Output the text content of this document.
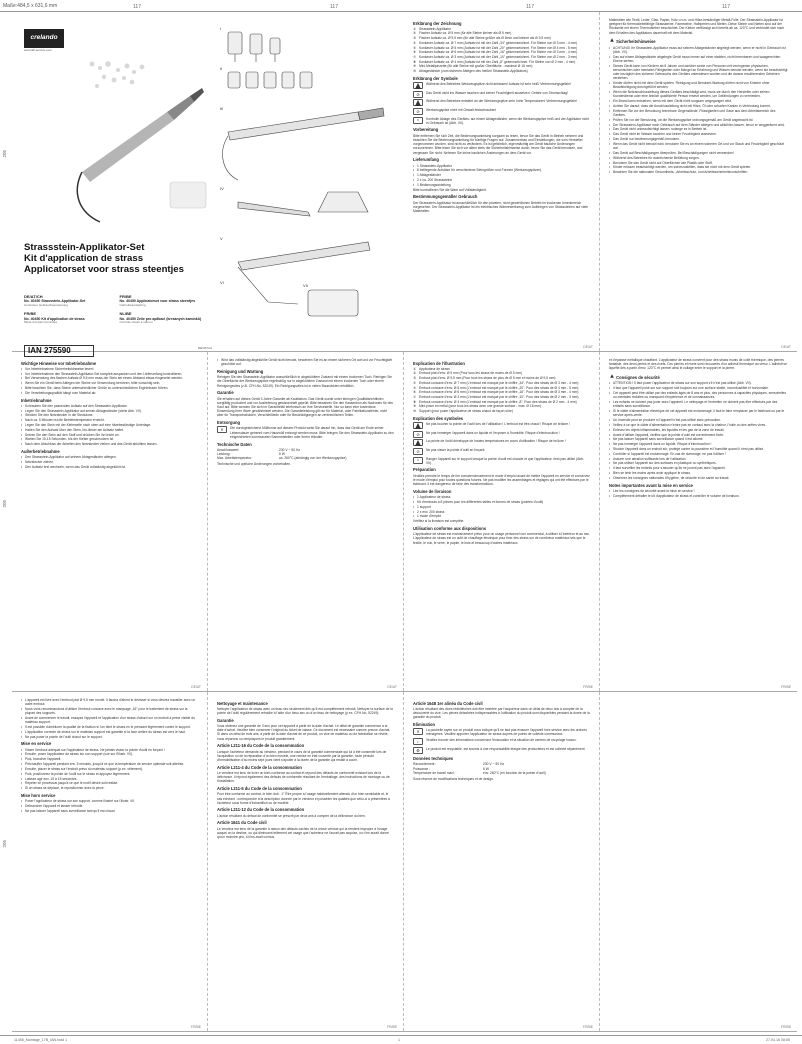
Maße:484,5 x 631,6 mm	117	117	117	117
205
205
205
crelando
www.lidl-service.com
Strassstein-Applikator-Set
Kit d'application de strass
Applicatorset voor strass steentjes
DE/AT/CH
No. 40450 Strassstein-Applikator-Set
Controleer Gebrauchsanweisung
FR/BE
No. 40450 Applicatorset voor strass steentjes
Gebruiksaanwijzing
FR/BE
No. 40450 Kit d'application de strass
Mode d'emploi Controlée
NL/BE
No. 40450 Zeile pro aplikaci (kresaných kamínků)
Controle obsah a nahoru
IAN 275590	DE/AT/CH
I
II
III
IV
V
VI
VII
Erklärung der Zeichnung
① Strassstein-Applikator
② Flacher Aufsatz ca. Ø 5 mm (für alle Steine kleiner als Ø 5 mm)
③ Flacher Aufsatz ca. Ø 9,5 mm (für alle Steine größer als Ø 5mm und kleiner als Ø 9,5 mm)
④ Konkaver Aufsatz ca. Ø 7 mm (Aufsatz ist mit der Zahl „34" gekennzeichnet. Für Steine von Ø 3 mm - 4 mm)
⑤ Konkaver Aufsatz ca. Ø 5 mm (Aufsatz ist mit der Zahl „20" gekennzeichnet. Für Steine von Ø 4 mm - 5 mm)
⑥ Konkaver Aufsatz ca. Ø 6 mm (Aufsatz ist mit der Zahl „16" gekennzeichnet. Für Steine von Ø 3 mm - 4 mm)
⑦ Konkaver Aufsatz ca. Ø 3 mm (Aufsatz ist mit der Zahl „10" gekennzeichnet. Für Steine von Ø 2 mm - 3 mm)
⑧ Konkaver Aufsatz ca. Ø 4 mm (Aufsatz ist mit der Zahl „8" gekennzeichnet. Für Steine von Ø 2 mm - 4 mm)
⑨ Mini-Metallpinzette (für alle Steine mit großer Oberfläche - maximal Ø 16 mm)
⑩ Ablageständer (zum sicheren Ablegen des heißen Strassstein-Applikators)
Erklärung der Symbole
Während des Betriebes Werkzeugspitze nicht anfassen! Aufsatz ist sehr heiß! Verbrennungsgefahr!
⊘	Das Gerät nicht ins Wasser tauchen und keiner Feuchtigkeit aussetzen. Gefahr von Stromschlag!
Während des Betriebes entsteht an der Werkzeugspitze sehr hohe Temperaturen! Verbrennungsgefahr!
⊘	Werkzeugspitze nicht mit Gewalt festschrauben!
⌂	Kontrolle Ablage des Gerätes: auf einem Ablageständer, wenn die Werkzeugspitze heiß und der Applikator nicht in Gebrauch ist (Abb. VII).
Vorbereitung

Bitte entfernen Sie sich Zeit, die Bedienungsanleitung sorgsam zu lesen, bevor Sie das Gerät in Betrieb nehmen und beachten Sie die Bedienungsanleitung für künftige Fragen auf. Zusammenbau und Einstellungen, die vom Hersteller vorgenommen wurden, sind nicht zu verändern. Es ist gefährlich, eigenmächtig am Gerät bauliche Änderungen vorzunehmen. Bitte lesen Sie sich vor allem stets die Sicherheitshinweise durch, bevor Sie das Gerät benutzen, und vergessen Sie nicht: Nehmen Sie keine baulichen Änderungen an dem Gerät vor.

Lieferumfang
• 1 Strassstein-Applikator
• 8 beiliegende Aufsätze für verschiedene Steingrößen und Formen (Werkzeugspitzen)
• 1 Ablageständer
• 2 x ca. 200 Strasssteine
• 1 Bedienungsanleitung

Bitte kontrollieren Sie die Ware auf Vollständigkeit.

Bestimmungsgemäßer Gebrauch

Der Strassstein-Applikator ist ausschließlich für den privaten, nicht gewerblichen Betrieb im trockenen Innenbereich vorgesehen. Der Strassstein-Applikator ist ein elektrisches Wärmewerkzeug zum Aufbringen von Strasssteinen auf viele Materialien.

DE/AT

Materialien wie Textil, Leder, Glas, Papier, Holz u.v.m. und Hitze-beständiger Metall-Folie. Der Strassstein-Applikator ist geeignet für thermoklebefähige Strasssteine, Farmsteine, Halbperlen und Nieten. Diese Steine und Nieten sind auf der Rückseite mit einem Thermokleber beschichtet. Der Kleber verflüssigt sich bereits ab ca. 120°C und verbindet sich nach dem Erhalten des Applikators dauerhaft mit dem Material.

Sicherheitshinweise
• ACHTUNG! Ihr Strassstein-Applikator muss auf seinem Ablageständer abgelegt werden, wenn er nicht in Gebrauch ist (Abb. VII).
• Das auf einem Ablageständer abgelegte Gerät muss immer auf einer stabilen, nicht brennbaren und waagerechten Ebene stehen.
• Dieses Gerät kann von Kindern ab 8 Jahren und darüber sowie von Personen mit verringerten physischen, sensorischen oder mentalen Fähigkeiten oder Mangel an Erfahrung und Wissen benutzt werden, wenn sie beaufsichtigt oder bezüglich des sicheren Gebrauchs des Gerätes unterwiesen wurden und die daraus resultierenden Gefahren verstehen.
• Kinder dürfen nicht mit dem Gerät spielen. Reinigung und Benutzer-Wartung dürfen nicht von Kindern ohne Beaufsichtigung durchgeführt werden.
• Wenn die Netzanschlussleitung dieses Gerätes beschädigt wird, muss sie durch den Hersteller oder seinen Kundendienst oder eine ähnlich qualifizierte Person ersetzt werden, um Gefährdungen zu vermeiden.
• Ein Brand kann entstehen, wenn mit dem Gerät nicht sorgsam umgegangen wird.
• Achten Sie darauf, dass die Anschlussleitung nicht mit Hitze, Öl oder scharfen Kanten in Verbindung kommt.
• Entfernen Sie vor der Benutzung brennbare Gegenstände, Flüssigkeiten und Gase aus dem Arbeitsbereich des Gerätes.
• Prüfen Sie vor der Benutzung, ob die Werkzeugspitze ordnungsgemäß am Gerät angebracht ist.
• Der Strassstein-Applikator nach Gebrauch auf dem Ständer ablegen und abkühlen lassen, bevor er weggeräumt wird.
• Das Gerät nicht unbeaufsichtigt lassen, solange es in Betrieb ist.
• Das Gerät nicht im Wasser tauchen und keiner Feuchtigkeit aussetzen.
• Das Gerät nur bestimmungsgemäß benutzen.
• Wenn das Gerät nicht benutzt wird, benutzen Sie es an einem sicheren Ort und vor Staub und Feuchtigkeit geschützt auf.
• Das Gerät auf Beschädigungen überprüfen. Bei Beschädigungen nicht verwenden!
• Während des Betriebes für ausreichende Belüftung sorgen.
• Benutzen Sie das Gerät nicht auf Oberflächen wie Plastik oder Stoff.
• Kinder müssen beaufsichtigt werden, um sicherzustellen, dass sie nicht mit dem Gerät spielen.
• Beachten Sie die nationalen Gesundheits-, Arbeitsschutz- und Arbeitssicherheitsvorschriften.
DE/AT
Wichtige Hinweise vor Inbetriebnahme
• Vor Inbetriebnahme Sicherheitshinweise lesen!
• Vor Inbetriebnahme den Strassstein-Applikator-Set komplett auspacken und den Lieferumfang kontrollieren.
• Bei Verwendung des flachen Aufsatz Ø 9,5 mm muss der Stein bei einem Abstand etwas eingesetzt werden.
• Wenn Sie ein Gerät beim Ablegen der Steine vor Verwendung berühren, bitte vorsichtig sein.
• Bitte beachten Sie, dass Steine unterschiedlicher Größe zu unterschiedlichen Ergebnissen führen.
• Die Verarbeitungsqualität hängt vom Material ab.
Inbetriebnahme
• Schrauben Sie den passenden Aufsatz auf den Strassstein-Applikator.
• Legen Sie den Strassstein-Applikator auf seinen Ablageständer (siehe Abb. VII).
• Stecken Sie den Netzstecker in die Steckdose.
• Nach ca. 5 Minuten ist die Betriebstemperatur erreicht.
• Legen Sie den Stein mit der Klebeseite nach oben auf eine hitzebeständige Unterlage.
• Halten Sie den Aufsatz über den Stein, bis dieser am Aufsatz haftet.
• Setzen Sie den Stein auf den Stoff und drücken Sie ihn leicht an.
• Warten Sie 10-15 Sekunden, bis der Kleber geschmolzen ist.
• Nach dem Abschluss der Arbeiten den Netzstecker ziehen und das Gerät abkühlen lassen.
Außerbetriebnahme
• Den Strassstein-Applikator auf seinem Ablageständer ablegen.
• Netzstecker ziehen.
• Den Aufsatz erst wechseln, wenn das Gerät vollständig abgekühlt ist.
DE/AT
• Wird das vollständig abgekühlte Gerät nicht benutzt, bewahren Sie es an einem sicheren Ort auf und vor Feuchtigkeit geschützt auf.
Reinigung und Wartung

Reinigen Sie den Strassstein-Applikator ausschließlich in abgekühltem Zustand mit einem trockenen Tuch. Reinigen Sie die Oberfläche der Werkzeugspitze regelmäßig nur in abgekühltem Zustand mit einem trockenen Tuch oder einem Reinigungsvlies (z.B. CFH-No. 52249). Ein Reinigungsvlies ist in vielen Baumärkten erhältlich.

Garantie

Sie erhalten auf dieses Gerät 3 Jahre Garantie ab Kaufdatum. Das Gerät wurde unter strengen Qualitätsrichtlinien sorgfältig produziert und vor Auslieferung gewissenhaft geprüft. Bitte bewahren Sie den Kassenbon als Nachweis für den Kauf auf. Bitte wenden Sie sich im Garantiefall telefonisch an Ihre Servicestelle. Nur so kann eine kostenlose Einsendung Ihrer Ware gewährleistet werden. Die Garantieleistung gilt nur für Material- oder Fabrikationsfehler, nicht aber für Transportschäden, Verschleißteile oder für Beschädigungen an zerbrechlichen Teilen.

Entsorgung
✕	Die durchgestrichene Mülltonne auf diesem Produkt weist Sie darauf hin, dass das Gerät am Ende seiner Lebensdauer getrennt vom Hausmüll entsorgt werden muss. Bitte bringen Sie den Strassstein-Applikator zu den eingerichteten kommunalen Sammelstellen oder Ihrem Händler.
Technische Daten
Anschlusswert:	230 V ~ 50 Hz
Leistung:	6 W
Max. Arbeitstemperatur:	ca. 260°C (abhängig von der Werkzeugspitze)

Technische und optische Änderungen vorbehalten.

DE/AT
Explication de l'illustration
① Applicateur de strass
② Embout plat d'env. Ø 5 mm (Pour tous les strass de moins de Ø 5 mm)
③ Embout plat d'env. Ø 9,5 mm (Pour tous les strass de plus de Ø 5 mm et moins de Ø 9,5 mm)
④ Embout concave d'env. Ø 7 mm (L'embout est marqué par le chiffre „34". Pour des strass de Ø 3 mm - 4 mm)
⑤ Embout concave d'env. Ø 5 mm (L'embout est marqué par le chiffre „20". Pour des strass de Ø 4 mm - 5 mm)
⑥ Embout concave d'env. Ø 6 mm (L'embout est marqué par le chiffre „16". Pour des strass de Ø 3 mm - 4 mm)
⑦ Embout concave d'env. Ø 3 mm (L'embout est marqué par le chiffre „10". Pour des strass de Ø 2 mm - 3 mm)
⑧ Embout concave d'env. Ø 4 mm (L'embout est marqué par le chiffre „8". Pour des strass de Ø 2 mm - 4 mm)
⑨ Mini-pince en métal (pour tous les strass avec une grande surface - max. Ø 16 mm)
⑩ Support (pour poser l'applicateur de strass chaud de façon sûre)
Explication des symboles
Ne pas toucher la pointe de l'outil lors de l'utilisation ! L'embout est très chaud ! Risque de brûlure !
⊘	Ne pas immerger l'appareil dans un liquide et l'exposer à l'humidité. Risque d'électrocution !
La pointe de l'outil développe de hautes températures en cours d'utilisation ! Risque de brûlure !
⊘	Ne pas visser la pointe d'outil en forçant.
⌂	Ranger l'appareil sur le support lorsque la pointe d'outil est chaude et que l'applicateur n'est pas utilisé (Abb. VII).
Préparation

Veuillez prendre le temps de lire consciencieusement le mode d'emploi avant de mettre l'appareil en service et conservez le mode d'emploi pour toutes questions futures. Ne pas modifier les assemblages et réglages qui ont été effectués par le fabricant. Il est dangereux de faire des transformations.

Volume de livraison
• 1 Applicateur de strass
• Kit d'embouts à 8 pièces pour les différentes tailles et formes de strass (pointes d'outil)
• 1 support
• 2 x env. 200 strass
• 1 mode d'emploi

Vérifiez si la livraison est complète.

Utilisation conforme aux dispositions

L'applicateur de strass est exclusivement prévu pour un usage personnel non commercial, à utiliser à l'intérieur et au sec. L'applicateur de strass est un outil de chauffage électrique pour fixer des strass sur de nombreux matériaux tels que le textile, le cuir, le verre, le papier, le bois et beaucoup d'autres matériaux.

FR/BE

et d'épaisse métallique chauffant. L'applicateur de strass convient pour des strass munis de colle thermique, des pierres fantaisie, des demi-perles et des rivets. Ces pierres et rivets sont recouverts d'un adhésif thermique au verso. L'adhésif se liquéfie dès à partir d'env. 120°C et permet ainsi le collage entre le support et la pierre.

Consignes de sécurité
• ATTENTION ! Il faut poser l'applicateur de strass sur son support s'il n'est pas utilisé (Abb. VII).
• Il faut que l'appareil posé sur son support soit toujours sur une surface stable, incombustible et horizontale.
• Cet appareil peut être utilisé par des enfants âgés de 8 ans et plus, des personnes à capacités physiques, sensorielles ou mentales réduites ou manquant d'expérience et de connaissances.
• Les enfants ne doivent pas jouer avec l'appareil. Le nettoyage et l'entretien ne doivent pas être effectués par des enfants sans surveillance.
• Si le câble d'alimentation électrique de cet appareil est endommagé, il faut le faire remplacer par le fabricant ou par le service après-vente.
• Un incendie peut se produire si l'appareil n'est pas utilisé avec précaution.
• Veillez à ce que le câble d'alimentation n'entre pas en contact avec la chaleur, l'huile ou des arêtes vives.
• Enlevez les objets inflammables, les liquides et les gaz de la zone de travail.
• Avant d'utiliser l'appareil, vérifiez que la pointe d'outil est correctement fixée.
• Ne pas laisser l'appareil sans surveillance quand il est allumé.
• Ne pas immerger l'appareil dans un liquide. Risque d'électrocution !
• Stocker l'appareil dans un endroit sûr, protégé contre la poussière et l'humidité quand il n'est pas utilisé.
• Contrôler si l'appareil est endommagé. En cas de dommage, ne pas l'utiliser !
• Assurer une aération suffisante lors de l'utilisation.
• Ne pas utiliser l'appareil sur des surfaces en plastique ou synthétiques.
• Il faut surveiller les enfants pour s'assurer qu'ils ne jouent pas avec l'appareil.
• Bien se tenir les mains après avoir appliqué le strass.
• Observez les consignes nationales d'hygiène, de sécurité et de santé au travail.
Notes importantes avant la mise en service
• Lire les consignes de sécurité avant la mise en service !
• Complètement déballer le kit d'applicateur de strass et contrôler le volume de livraison.
FR/BE
• L'appareil est livré avec l'embout plat Ø 9,5 mm monté. Il faudra d'abord le dévisser si vous désirez travailler avec un autre embout.
• Nous vous recommandons d'utiliser l'embout concave avec le marquage „16" pour le traitement de strass sur la plupart des supports.
• Avant de commencer le travail, essayez l'appareil et l'application d'un strass d'abord sur un endroit à peine visible du matériau support.
• Il est possible d'améliorer la qualité de la fixation si l'on tient le strass en le pressant légèrement contre le support.
• L'application correcte de strass sur le matériau support est garantie si la face arrière du strass est vers le haut.
• Ne pas poser la pointe de l'outil chaud sur le support.
Mise en service
• Visser l'embout adéquat sur l'applicateur de strass. Ne jamais visser la pointe d'outil en forçant !
• Ensuite, poser l'applicateur de strass sur son support (voir sur l'illustr. VII).
• Puis, brancher l'appareil.
• Préchauffer l'appareil pendant env. 5 minutes, jusqu'à ce que la température de service optimale soit atteinte.
• Ensuite, placer le strass sur l'endroit prévu du matériau support (p.ex. vêtement).
• Puis, positionnez la pointe de l'outil sur le strass et appuyez légèrement.
• Laissez agir env. 10 à 15 secondes.
• Répéter ce processus jusqu'à ce que le motif désiré soit réalisé.
• Si un strass se déplace, le repositionner avec la pince.
Mise hors service
• Poser l'applicateur de strass sur son support, comme illustré sur l'illustr. VII.
• Débrancher l'appareil et laisser refroidir.
• Ne pas laisser l'appareil sans surveillance tant qu'il est chaud.
FR/BE
Nettoyage et maintenance

Nettoyer l'applicateur de strass avec un tissu sec seulement dès qu'il est complètement refroidi. Nettoyer la surface de la pointe de l'outil régulièrement refroidie à l'aide d'un tissu sec ou d'un tissu de nettoyage (p.ex. CFH-No. 52249).

Garantie

Vous obtenez une garantie de 3 ans pour cet appareil à partir de la date d'achat. Le délai de garantie commence à la date d'achat. Veuillez bien conserver l'original du ticket de caisse. Ce document est nécessaire comme preuve d'achat. Si dans un délai de trois ans, à partir de la date d'achat de ce produit, un vice de matériau ou de fabrication se révèle, nous réparons ou remplaçons le produit gratuitement.

Article L211-16 du Code de la consommation

Lorsque l'acheteur demande au vendeur, pendant le cours de la garantie commerciale qui lui a été consentie lors de l'acquisition ou de la réparation d'un bien meuble, une remise en état couverte par la garantie, toute période d'immobilisation d'au moins sept jours vient s'ajouter à la durée de la garantie qui restait à courir.

Article L211-4 du Code de la consommation

Le vendeur est tenu de livrer un bien conforme au contrat et répond des défauts de conformité existant lors de la délivrance. Il répond également des défauts de conformité résultant de l'emballage, des instructions de montage ou de l'installation.

Article L211-5 du Code de la consommation

Pour être conforme au contrat, le bien doit : 1° Être propre à l'usage habituellement attendu d'un bien semblable et, le cas échéant : correspondre à la description donnée par le vendeur et posséder les qualités que celui-ci a présentées à l'acheteur sous forme d'échantillon ou de modèle.

Article L211-12 du Code de la consommation

L'action résultant du défaut de conformité se prescrit par deux ans à compter de la délivrance du bien.

Article 1641 du Code civil

Le vendeur est tenu de la garantie à raison des défauts cachés de la chose vendue qui la rendent impropre à l'usage auquel on la destine, ou qui diminuent tellement cet usage que l'acheteur ne l'aurait pas acquise, ou n'en aurait donné qu'un moindre prix, s'il les avait connus.

FR/BE
Article 1648 1er alinéa du Code civil

L'action résultant des vices rédhibitoires doit être intentée par l'acquéreur dans un délai de deux ans à compter de la découverte du vice. Les pièces détachées indispensables à l'utilisation du produit sont disponibles pendant la durée de la garantie du produit.

Elimination
✕	La poubelle rayée sur ce produit vous indique qu'il ne faut pas évacuer l'appareil hors service avec les ordures ménagères. Veuillez apporter l'applicateur de strass auprès de points de collecte communaux.
i	Veuillez trouver des informations concernant l'évacuation et la situation de centres de recyclage locaux.
♻	Le produit est recyclable, est soumis à une responsabilité élargie des producteurs et est collecté séparément.
Données techniques
Raccordement :	230 V ~ 50 Hz
Puissance :	6 W
Température de travail maxi. :	env. 260°C (en fonction de la pointe d'outil)

Sous réserve de modifications techniques et de design.

FR/BE	FR/BE
11456_Montage_17B_IAN.Indd 1	1	27.04.16 08:55
